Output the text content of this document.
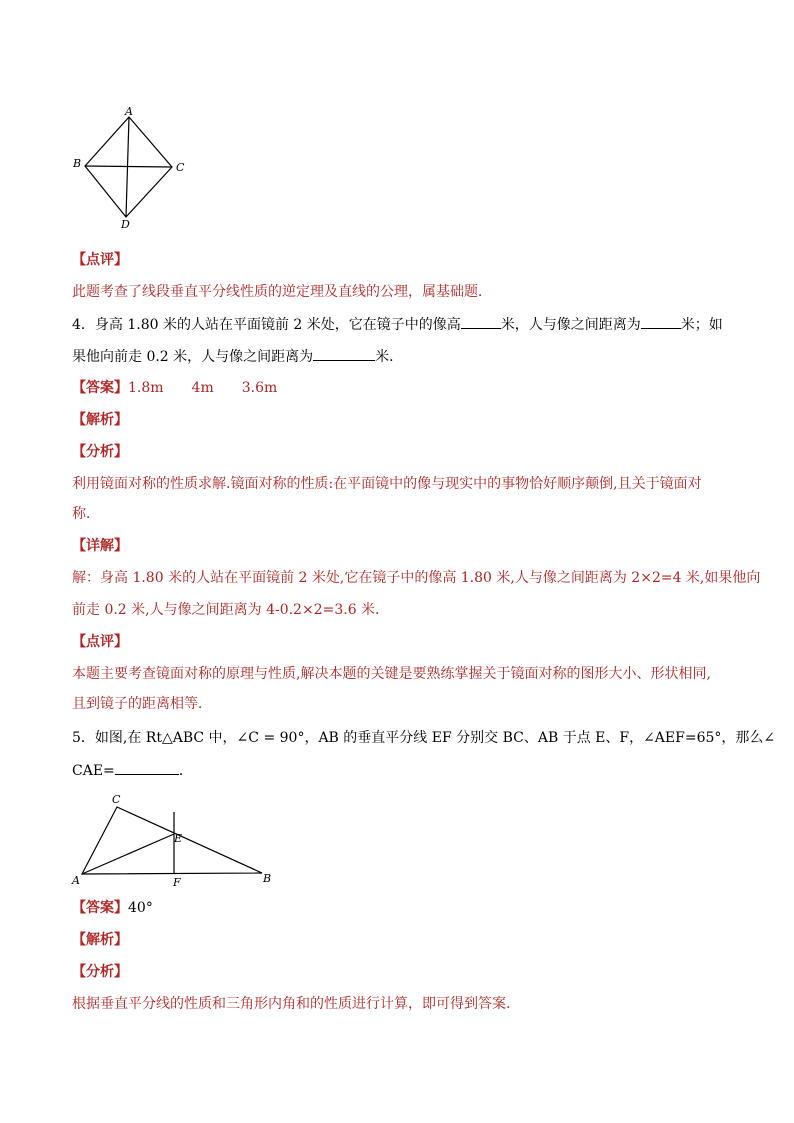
A
B	C
D
【点评】
此题考查了线段垂直平分线性质的逆定理及直线的公理，属基础题．
4．身高 1.80 米的人站在平面镜前 2 米处，它在镜子中的像高	米，人与像之间距离为	米；如
果他向前走 0.2 米，人与像之间距离为	米．
【答案】1.8m 4m 3.6m
【解析】
【分析】
利用镜面对称的性质求解.镜面对称的性质:在平面镜中的像与现实中的事物恰好顺序颠倒,且关于镜面对
称．
【详解】
解：身高 1.80 米的人站在平面镜前 2 米处,它在镜子中的像高 1.80 米,人与像之间距离为 2×2=4 米,如果他向
前走 0.2 米,人与像之间距离为 4-0.2×2=3.6 米．
【点评】
本题主要考查镜面对称的原理与性质,解决本题的关键是要熟练掌握关于镜面对称的图形大小、形状相同,
且到镜子的距离相等．
5．如图,在 Rt△ABC 中，∠C = 90°，AB 的垂直平分线 EF 分别交 BC、AB 于点 E、F，∠AEF=65°，那么∠
CAE=	.
C
E
A	F	B
【答案】40°
【解析】
【分析】
根据垂直平分线的性质和三角形内角和的性质进行计算，即可得到答案.
